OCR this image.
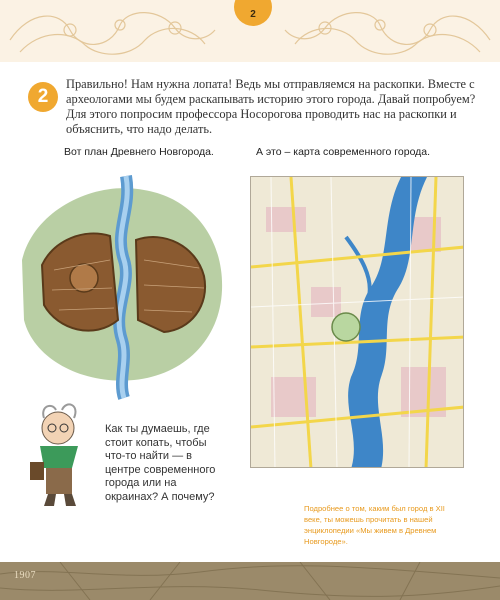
2
2

Правильно! Нам нужна лопата! Ведь мы отправляемся на раскопки. Вместе с археологами мы будем раскапывать историю этого города. Давай попробуем? Для этого попросим профессора Носорогова проводить нас на раскопки и объяснить, что надо делать.

Вот план Древнего Новгорода.	А это – карта современного города.

Как ты думаешь, где стоит копать, чтобы что-то найти — в центре современного города или на окраинах? А почему?

Подробнее о том, каким был город в XII веке, ты можешь прочитать в нашей энциклопедии «Мы живем в Древнем Новгороде».

1907
